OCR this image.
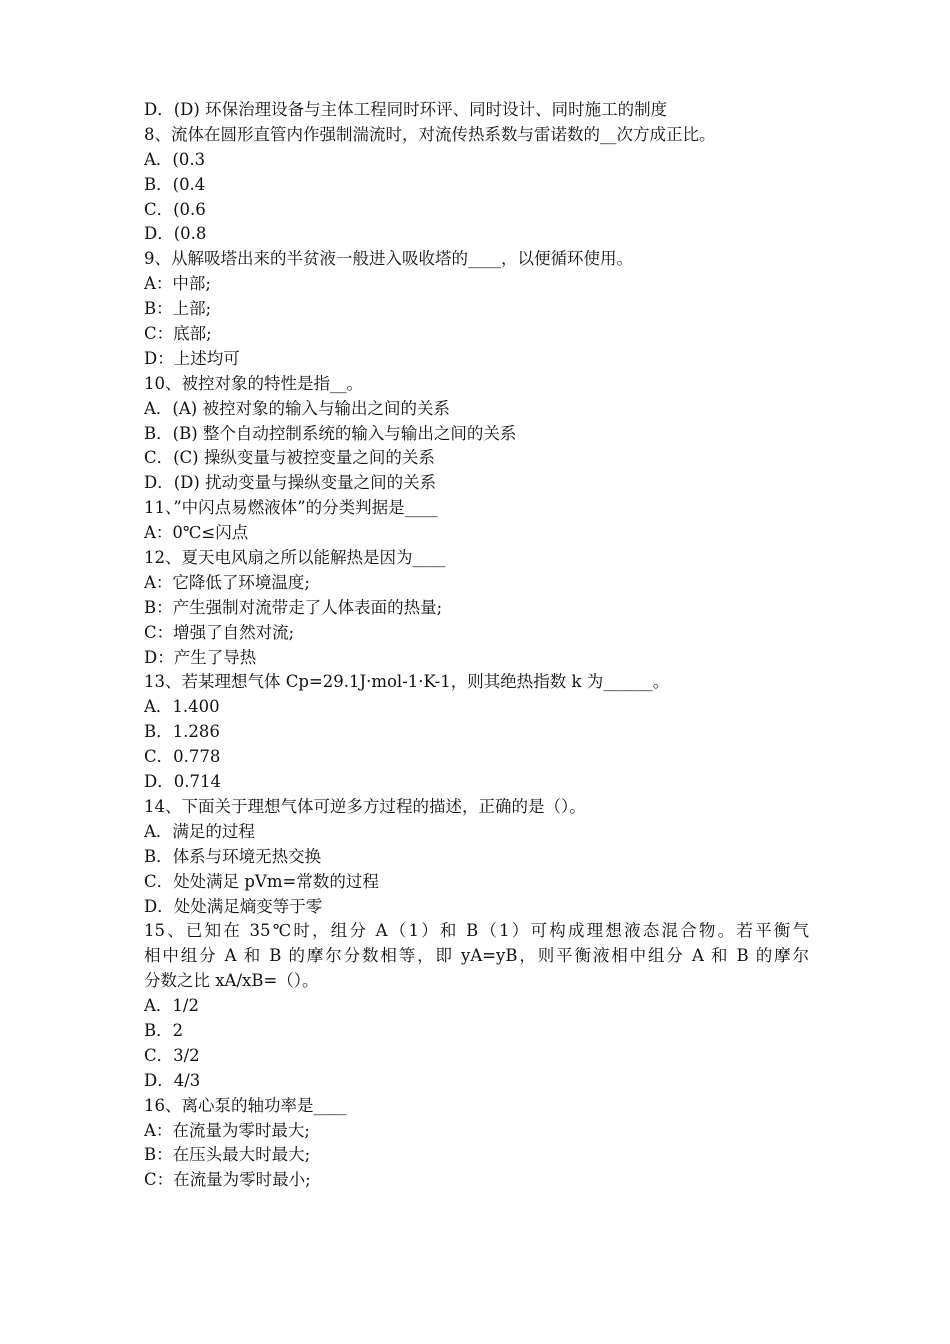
D．(D) 环保治理设备与主体工程同时环评、同时设计、同时施工的制度
8、流体在圆形直管内作强制湍流时，对流传热系数与雷诺数的__次方成正比。
A．(0.3
B．(0.4
C．(0.6
D．(0.8
9、从解吸塔出来的半贫液一般进入吸收塔的____，以便循环使用。
A：中部;
B：上部;
C：底部;
D：上述均可
10、被控对象的特性是指__。
A．(A) 被控对象的输入与输出之间的关系
B．(B) 整个自动控制系统的输入与输出之间的关系
C．(C) 操纵变量与被控变量之间的关系
D．(D) 扰动变量与操纵变量之间的关系
11、”中闪点易燃液体”的分类判据是____
A：0℃≤闪点
12、夏天电风扇之所以能解热是因为____
A：它降低了环境温度;
B：产生强制对流带走了人体表面的热量;
C：增强了自然对流;
D：产生了导热
13、若某理想气体 Cp=29.1J·mol-1·K-1，则其绝热指数 k 为______。
A．1.400
B．1.286
C．0.778
D．0.714
14、下面关于理想气体可逆多方过程的描述，正确的是（）。
A．满足的过程
B．体系与环境无热交换
C．处处满足 pVm=常数的过程
D．处处满足熵变等于零
15、已知在 35℃时，组分 A（1）和 B（1）可构成理想液态混合物。若平衡气
相中组分 A 和 B 的摩尔分数相等，即 yA=yB，则平衡液相中组分 A 和 B 的摩尔
分数之比 xA/xB=（）。
A．1/2
B．2
C．3/2
D．4/3
16、离心泵的轴功率是____
A：在流量为零时最大;
B：在压头最大时最大;
C：在流量为零时最小;
